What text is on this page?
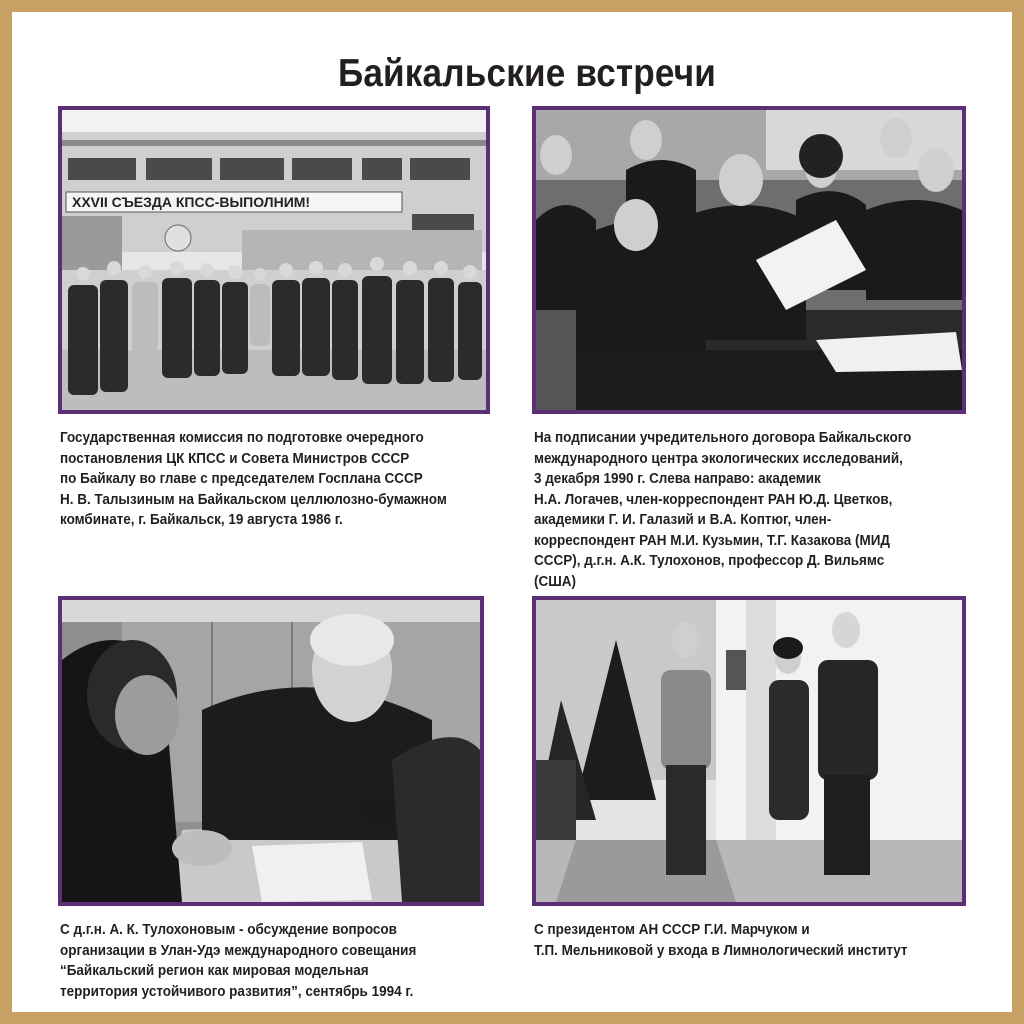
Байкальские встречи
XXVII СЪЕЗДА КПСС-ВЫПОЛНИМ!
Государственная комиссия по подготовке очередного
постановления ЦК КПСС и Совета Министров СССР
по Байкалу во главе с председателем Госплана СССР
Н. В. Талызиным на Байкальском целлюлозно-бумажном
комбинате, г. Байкальск, 19 августа 1986 г.
На подписании учредительного договора Байкальского
международного центра экологических исследований,
3 декабря 1990 г. Слева направо: академик
Н.А. Логачев, член-корреспондент РАН Ю.Д. Цветков,
академики Г. И. Галазий и В.А. Коптюг, член-
корреспондент РАН М.И. Кузьмин, Т.Г. Казакова (МИД
СССР), д.г.н. А.К. Тулохонов, профессор Д. Вильямс
(США)
С д.г.н. А. К. Тулохоновым - обсуждение вопросов
организации в Улан-Удэ международного совещания
“Байкальский регион как мировая модельная
территория устойчивого развития”, сентябрь 1994 г.
С президентом АН СССР Г.И. Марчуком и
Т.П. Мельниковой у входа в Лимнологический институт
